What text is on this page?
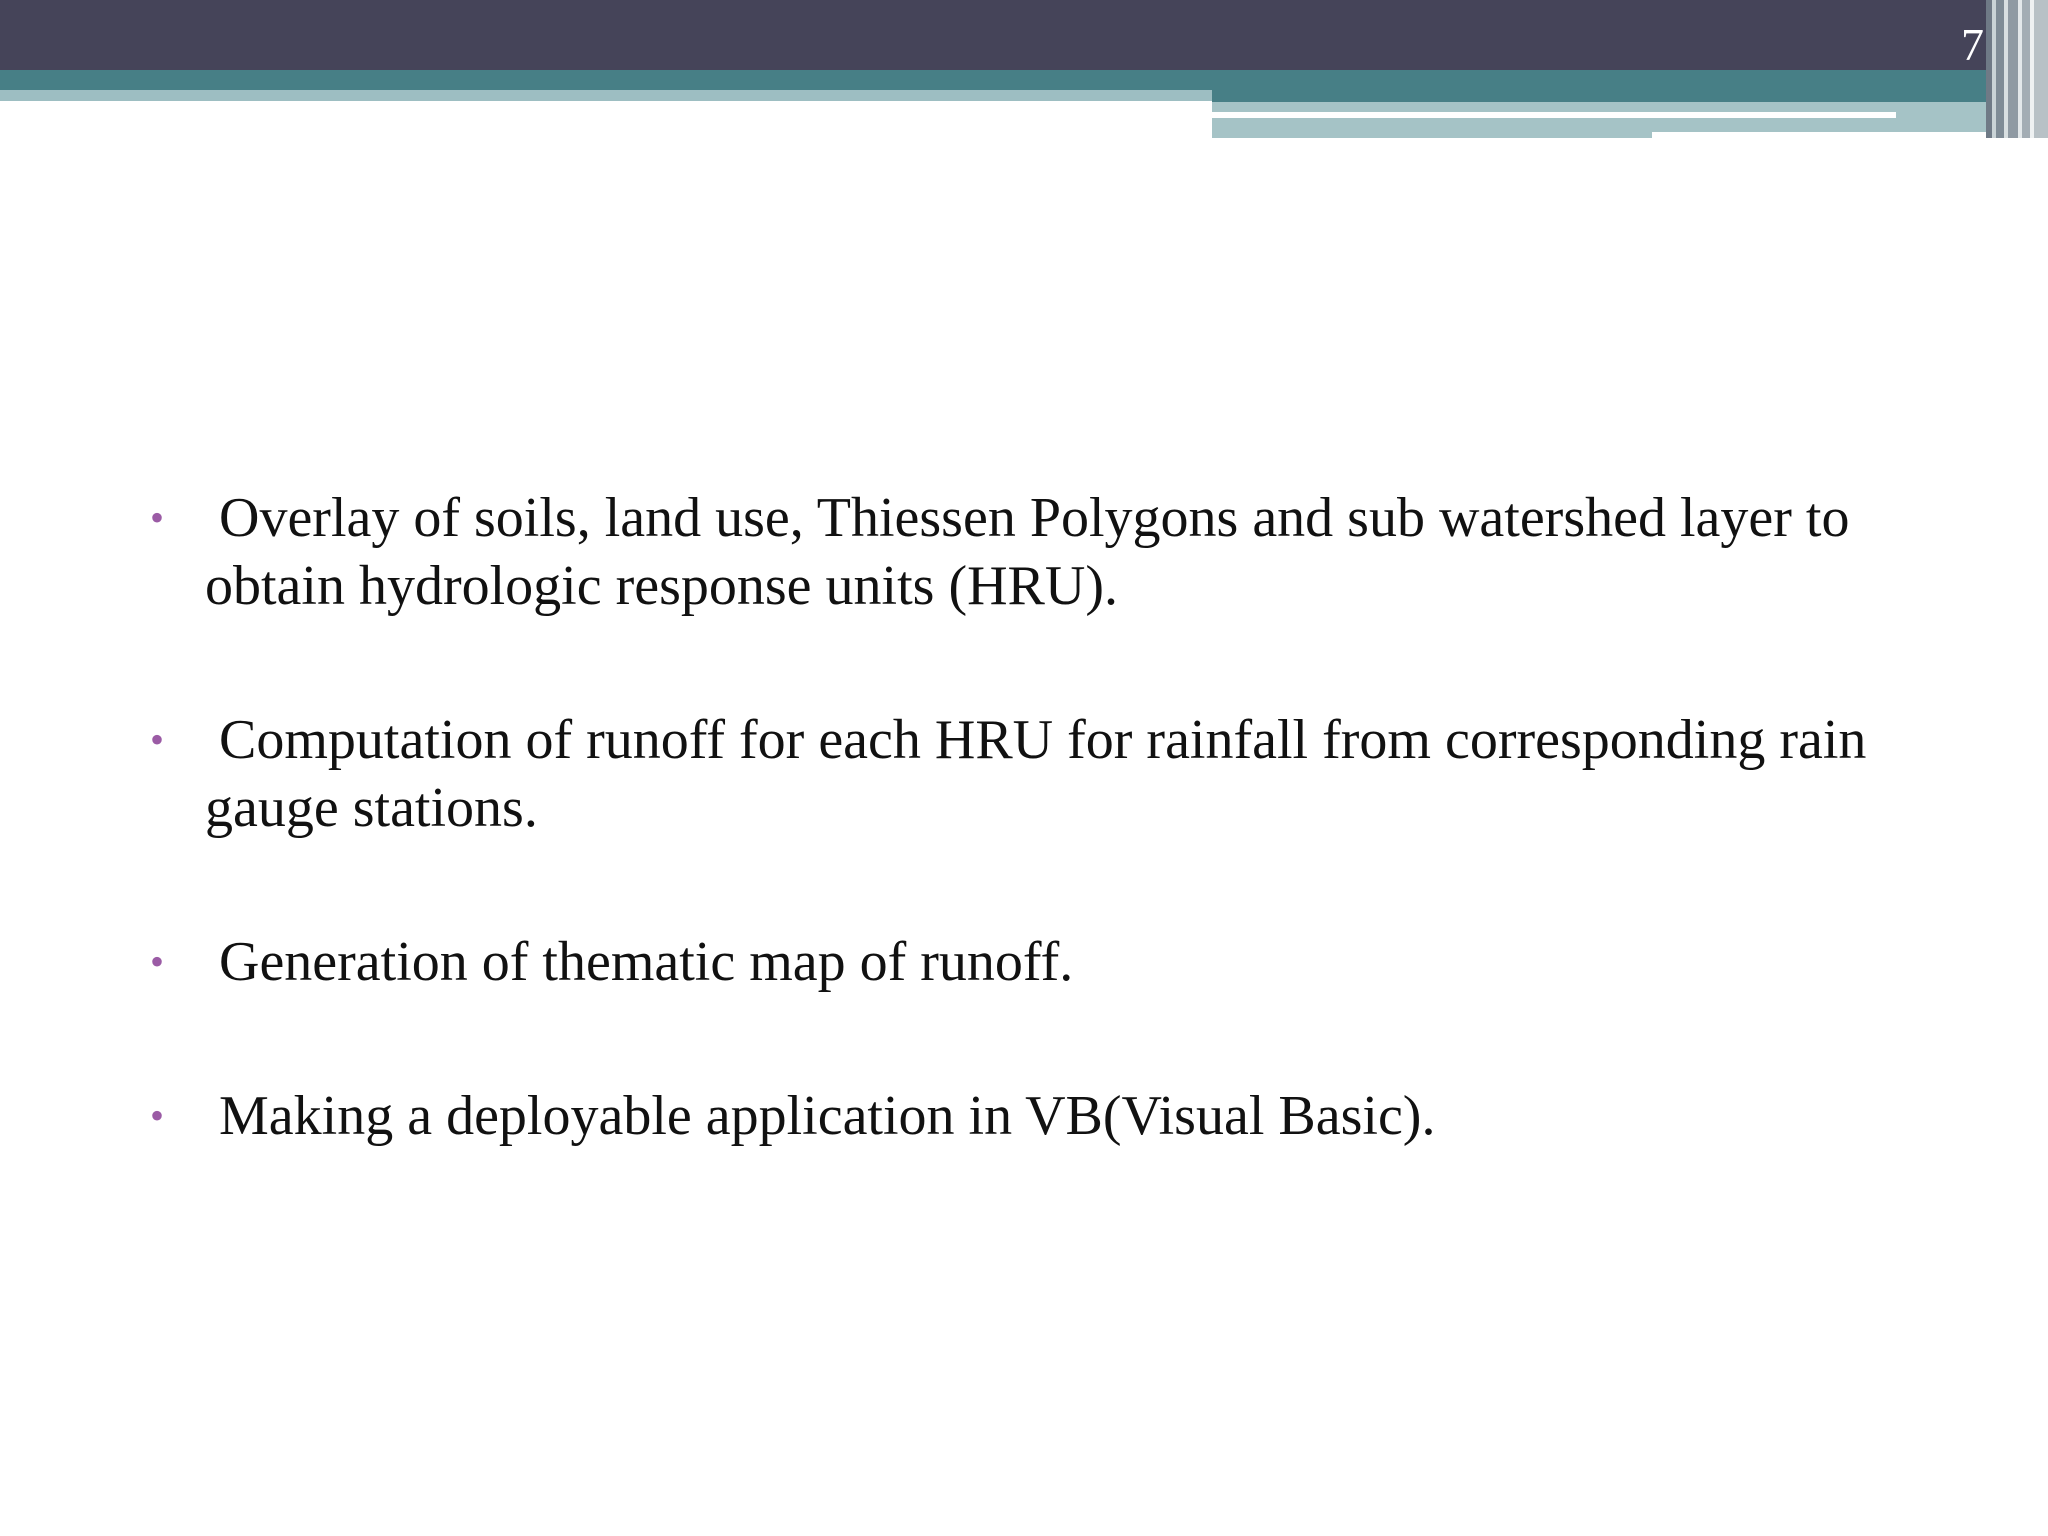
7
• Overlay of soils, land use, Thiessen Polygons and sub watershed layer to obtain hydrologic response units (HRU).
• Computation of runoff for each HRU for rainfall from corresponding rain gauge stations.
• Generation of thematic map of runoff.
• Making a deployable application in VB(Visual Basic).
